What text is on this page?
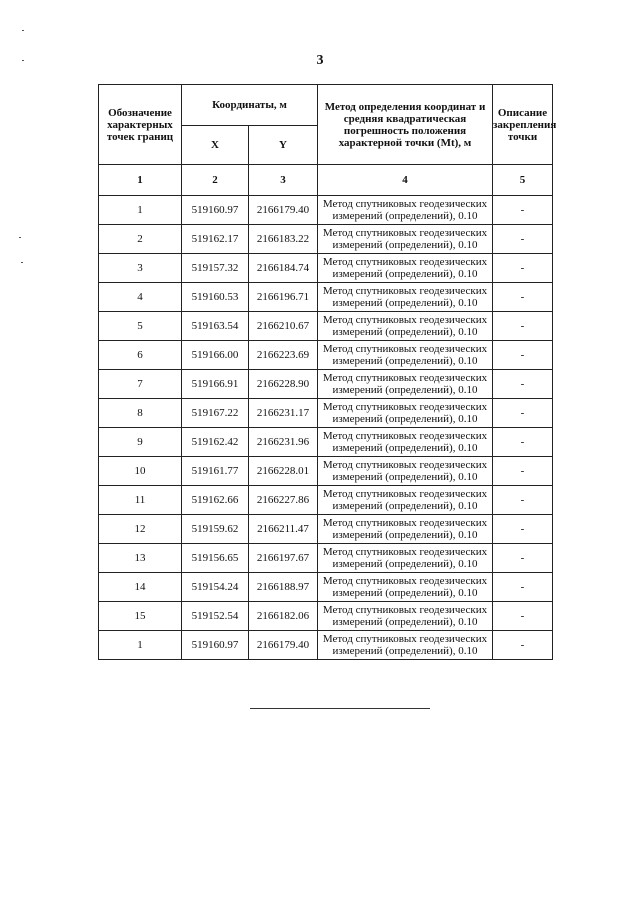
3
Обозначение характерных точек границ	Координаты, м		Метод определения координат и средняя квадратическая погрешность положения характерной точки (Mt), м	Описание закрепления точки
	X	Y		
1	2	3	4	5
1	519160.97	2166179.40	Метод спутниковых геодезических измерений (определений), 0.10	-
2	519162.17	2166183.22	Метод спутниковых геодезических измерений (определений), 0.10	-
3	519157.32	2166184.74	Метод спутниковых геодезических измерений (определений), 0.10	-
4	519160.53	2166196.71	Метод спутниковых геодезических измерений (определений), 0.10	-
5	519163.54	2166210.67	Метод спутниковых геодезических измерений (определений), 0.10	-
6	519166.00	2166223.69	Метод спутниковых геодезических измерений (определений), 0.10	-
7	519166.91	2166228.90	Метод спутниковых геодезических измерений (определений), 0.10	-
8	519167.22	2166231.17	Метод спутниковых геодезических измерений (определений), 0.10	-
9	519162.42	2166231.96	Метод спутниковых геодезических измерений (определений), 0.10	-
10	519161.77	2166228.01	Метод спутниковых геодезических измерений (определений), 0.10	-
11	519162.66	2166227.86	Метод спутниковых геодезических измерений (определений), 0.10	-
12	519159.62	2166211.47	Метод спутниковых геодезических измерений (определений), 0.10	-
13	519156.65	2166197.67	Метод спутниковых геодезических измерений (определений), 0.10	-
14	519154.24	2166188.97	Метод спутниковых геодезических измерений (определений), 0.10	-
15	519152.54	2166182.06	Метод спутниковых геодезических измерений (определений), 0.10	-
1	519160.97	2166179.40	Метод спутниковых геодезических измерений (определений), 0.10	-
